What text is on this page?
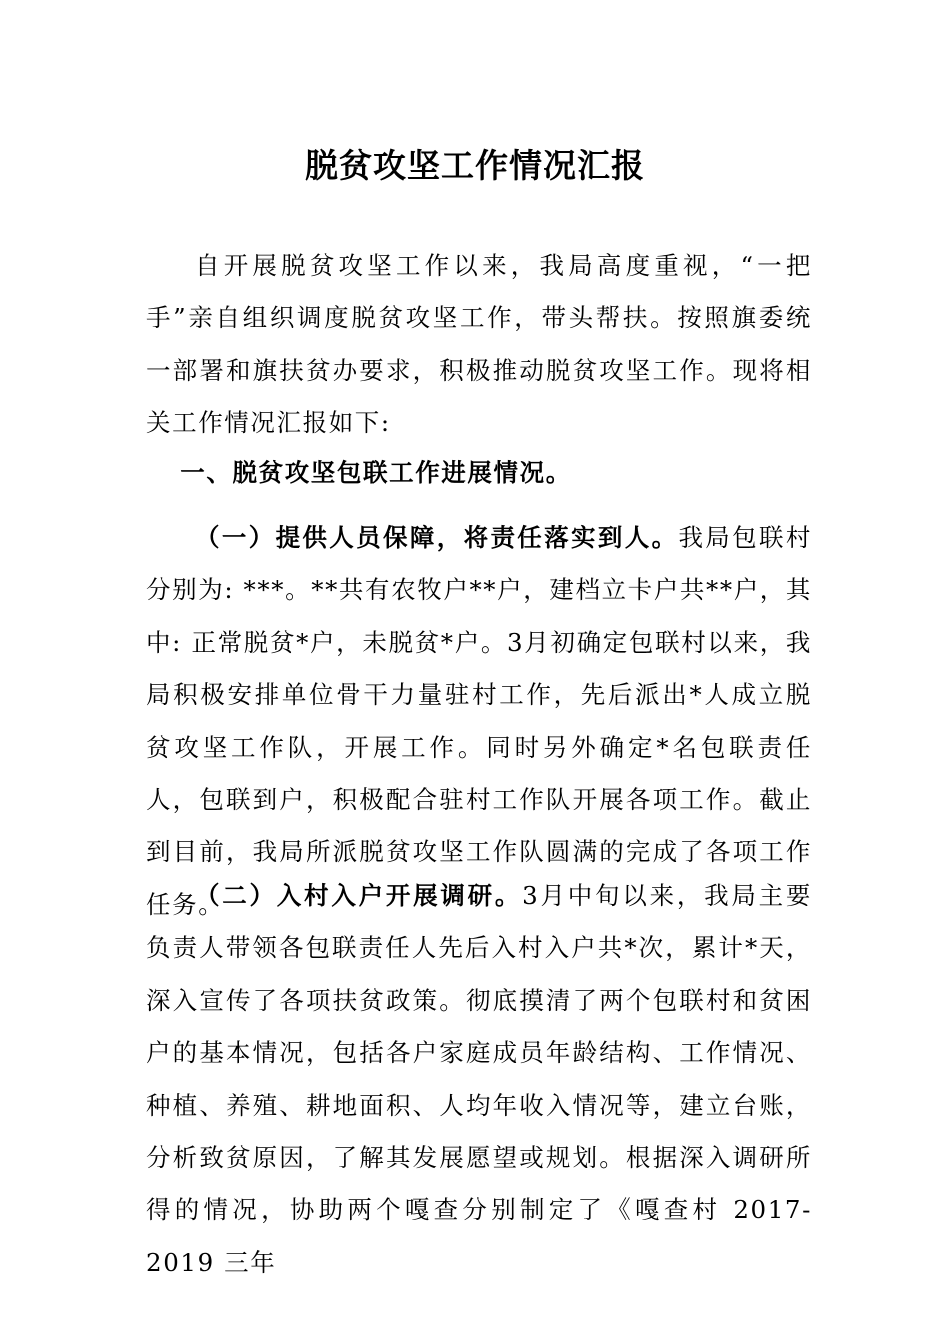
脱贫攻坚工作情况汇报

自开展脱贫攻坚工作以来，我局高度重视，“一把手”亲自组织调度脱贫攻坚工作，带头帮扶。按照旗委统一部署和旗扶贫办要求，积极推动脱贫攻坚工作。现将相关工作情况汇报如下:

一、脱贫攻坚包联工作进展情况。

（一）提供人员保障，将责任落实到人。我局包联村分别为: ***。**共有农牧户**户，建档立卡户共**户，其中: 正常脱贫*户，未脱贫*户。3月初确定包联村以来，我局积极安排单位骨干力量驻村工作，先后派出*人成立脱贫攻坚工作队，开展工作。同时另外确定*名包联责任人，包联到户，积极配合驻村工作队开展各项工作。截止到目前，我局所派脱贫攻坚工作队圆满的完成了各项工作任务。

（二）入村入户开展调研。3月中旬以来，我局主要负责人带领各包联责任人先后入村入户共*次，累计*天，深入宣传了各项扶贫政策。彻底摸清了两个包联村和贫困户的基本情况，包括各户家庭成员年龄结构、工作情况、种植、养殖、耕地面积、人均年收入情况等，建立台账，分析致贫原因，了解其发展愿望或规划。根据深入调研所得的情况，协助两个嘎查分别制定了《嘎查村 2017-2019 三年
